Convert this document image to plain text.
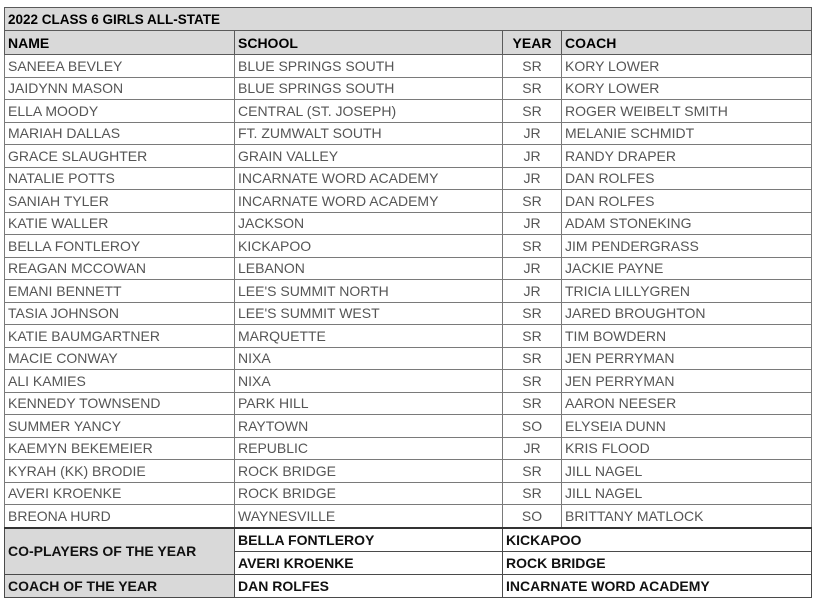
2022 CLASS 6 GIRLS ALL-STATE			
NAME	SCHOOL	YEAR	COACH
SANEEA BEVLEY	BLUE SPRINGS SOUTH	SR	KORY LOWER
JAIDYNN MASON	BLUE SPRINGS SOUTH	SR	KORY LOWER
ELLA MOODY	CENTRAL (ST. JOSEPH)	SR	ROGER WEIBELT SMITH
MARIAH DALLAS	FT. ZUMWALT SOUTH	JR	MELANIE SCHMIDT
GRACE SLAUGHTER	GRAIN VALLEY	JR	RANDY DRAPER
NATALIE POTTS	INCARNATE WORD ACADEMY	JR	DAN ROLFES
SANIAH TYLER	INCARNATE WORD ACADEMY	SR	DAN ROLFES
KATIE WALLER	JACKSON	JR	ADAM STONEKING
BELLA FONTLEROY	KICKAPOO	SR	JIM PENDERGRASS
REAGAN MCCOWAN	LEBANON	JR	JACKIE PAYNE
EMANI BENNETT	LEE'S SUMMIT NORTH	JR	TRICIA LILLYGREN
TASIA JOHNSON	LEE'S SUMMIT WEST	SR	JARED BROUGHTON
KATIE BAUMGARTNER	MARQUETTE	SR	TIM BOWDERN
MACIE CONWAY	NIXA	SR	JEN PERRYMAN
ALI KAMIES	NIXA	SR	JEN PERRYMAN
KENNEDY TOWNSEND	PARK HILL	SR	AARON NEESER
SUMMER YANCY	RAYTOWN	SO	ELYSEIA DUNN
KAEMYN BEKEMEIER	REPUBLIC	JR	KRIS FLOOD
KYRAH (KK) BRODIE	ROCK BRIDGE	SR	JILL NAGEL
AVERI KROENKE	ROCK BRIDGE	SR	JILL NAGEL
BREONA HURD	WAYNESVILLE	SO	BRITTANY MATLOCK
CO-PLAYERS OF THE YEAR	BELLA FONTLEROY	KICKAPOO	
	AVERI KROENKE	ROCK BRIDGE	
COACH OF THE YEAR	DAN ROLFES	INCARNATE WORD ACADEMY	
